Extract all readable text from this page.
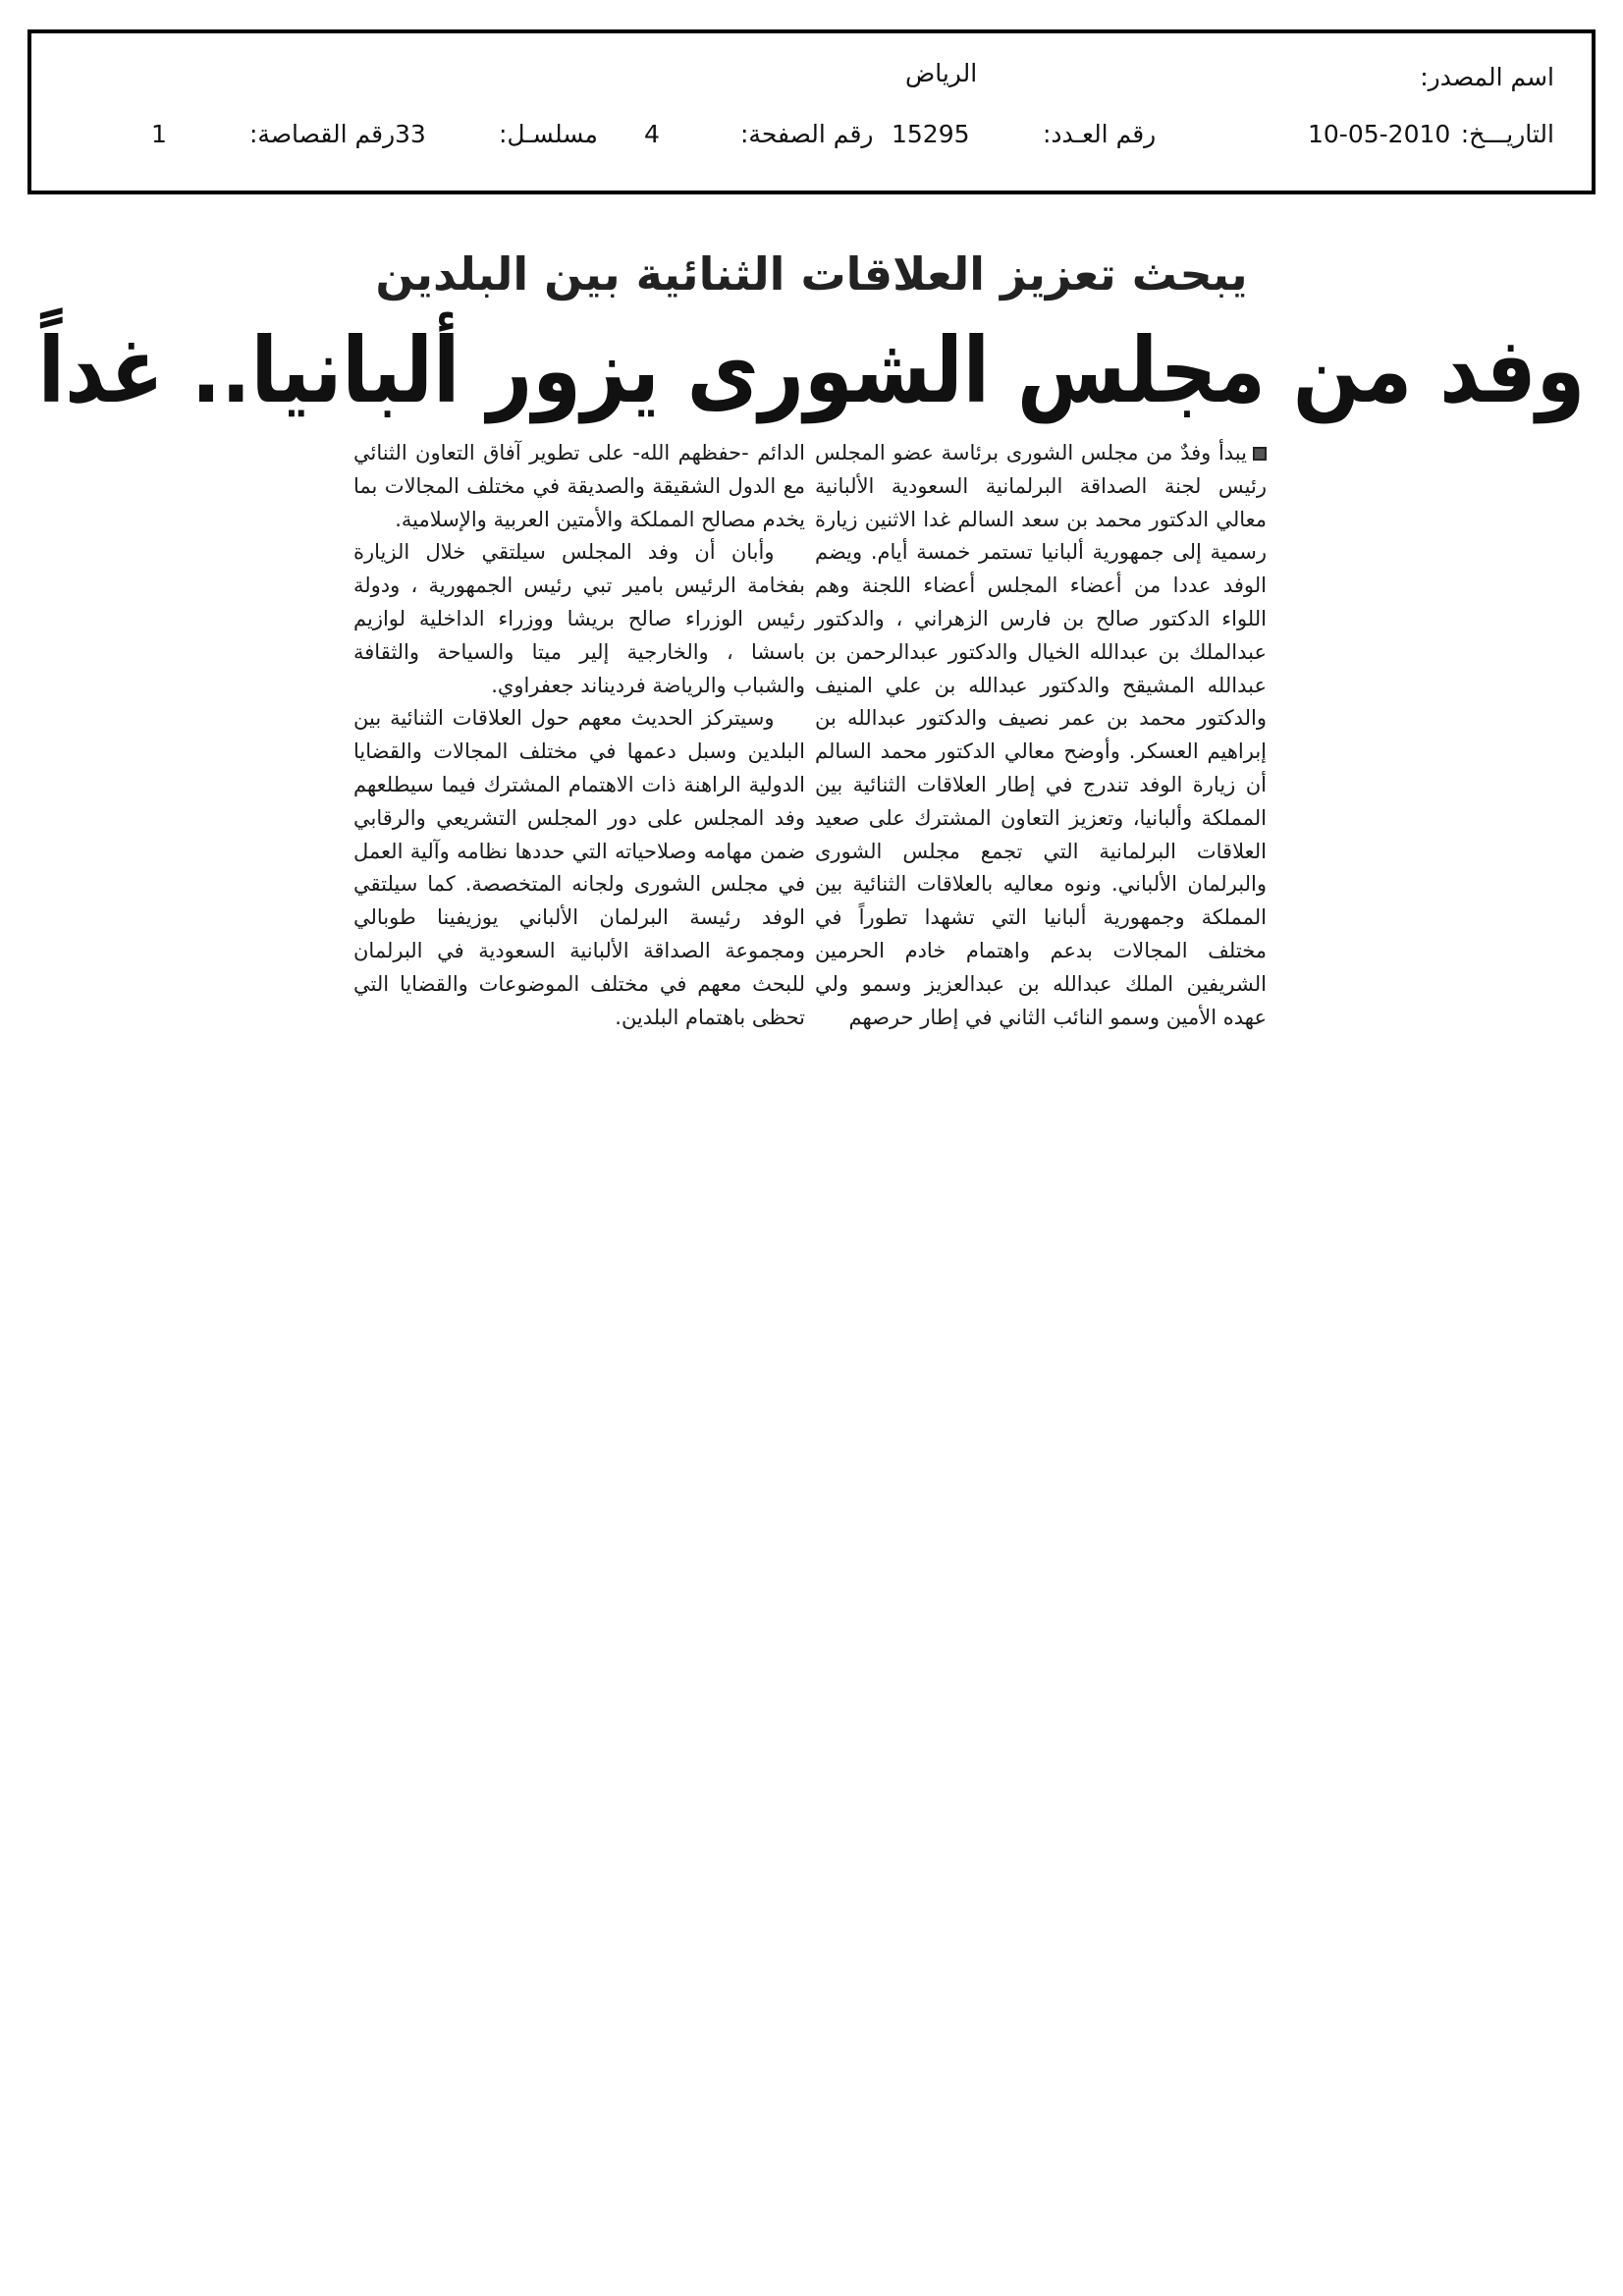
اسم المصدر:
الرياض
التاريـــخ:
10-05-2010
رقم العـدد:
15295
رقم الصفحة:
4
مسلسـل:
33
رقم القصاصة:
1
يبحث تعزيز العلاقات الثنائية بين البلدين
وفد من مجلس الشورى يزور ألبانيا.. غداً

يبدأ وفدٌ من مجلس الشورى برئاسة عضو المجلس رئيس لجنة الصداقة البرلمانية السعودية الألبانية معالي الدكتور محمد بن سعد السالم غدا الاثنين زيارة رسمية إلى جمهورية ألبانيا تستمر خمسة أيام. ويضم الوفد عددا من أعضاء المجلس أعضاء اللجنة وهم اللواء الدكتور صالح بن فارس الزهراني ، والدكتور عبدالملك بن عبدالله الخيال والدكتور عبدالرحمن بن عبدالله المشيقح والدكتور عبدالله بن علي المنيف والدكتور محمد بن عمر نصيف والدكتور عبدالله بن إبراهيم العسكر. وأوضح معالي الدكتور محمد السالم أن زيارة الوفد تندرج في إطار العلاقات الثنائية بين المملكة وألبانيا، وتعزيز التعاون المشترك على صعيد العلاقات البرلمانية التي تجمع مجلس الشورى والبرلمان الألباني. ونوه معاليه بالعلاقات الثنائية بين المملكة وجمهورية ألبانيا التي تشهدا تطوراً في مختلف المجالات بدعم واهتمام خادم الحرمين الشريفين الملك عبدالله بن عبدالعزيز وسمو ولي عهده الأمين وسمو النائب الثاني في إطار حرصهم

الدائم -حفظهم الله- على تطوير آفاق التعاون الثنائي مع الدول الشقيقة والصديقة في مختلف المجالات بما يخدم مصالح المملكة والأمتين العربية والإسلامية.

وأبان أن وفد المجلس سيلتقي خلال الزيارة بفخامة الرئيس بامير تبي رئيس الجمهورية ، ودولة رئيس الوزراء صالح بريشا ووزراء الداخلية لوازيم باسشا ، والخارجية إلير ميتا والسياحة والثقافة والشباب والرياضة فرديناند جعفراوي.

وسيتركز الحديث معهم حول العلاقات الثنائية بين البلدين وسبل دعمها في مختلف المجالات والقضايا الدولية الراهنة ذات الاهتمام المشترك فيما سيطلعهم وفد المجلس على دور المجلس التشريعي والرقابي ضمن مهامه وصلاحياته التي حددها نظامه وآلية العمل في مجلس الشورى ولجانه المتخصصة. كما سيلتقي الوفد رئيسة البرلمان الألباني يوزيفينا طوبالي ومجموعة الصداقة الألبانية السعودية في البرلمان للبحث معهم في مختلف الموضوعات والقضايا التي تحظى باهتمام البلدين.
